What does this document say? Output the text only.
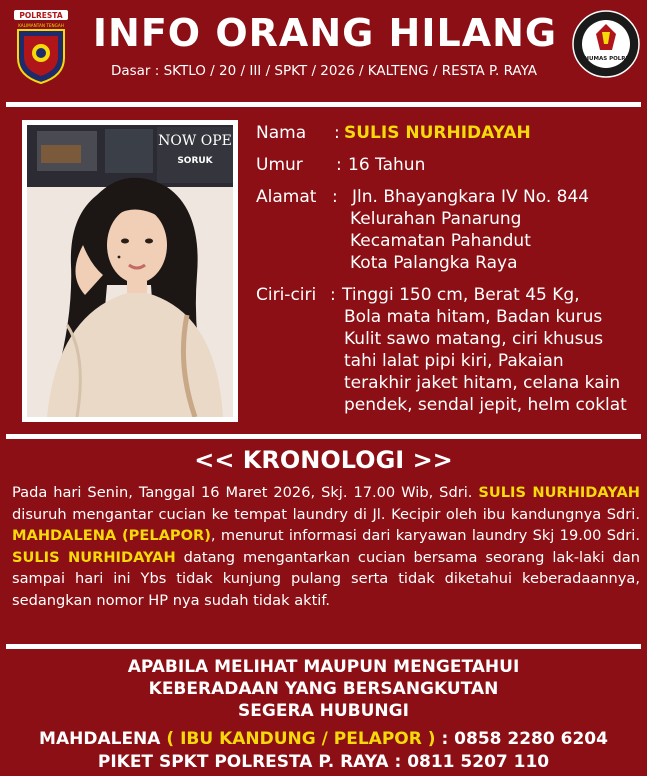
POLRESTA
KALIMANTAN TENGAH
HUMAS POLRI
INFO ORANG HILANG
Dasar : SKTLO / 20 / III / SPKT / 2026 / KALTENG / RESTA P. RAYA
NOW OPE
SORUK
Nama : SULIS NURHIDAYAH
Umur : 16 Tahun
Alamat : Jln. Bhayangkara IV No. 844
Kelurahan Panarung
Kecamatan Pahandut
Kota Palangka Raya
Ciri-ciri : Tinggi 150 cm, Berat 45 Kg,
Bola mata hitam, Badan kurus
Kulit sawo matang, ciri khusus
tahi lalat pipi kiri, Pakaian
terakhir jaket hitam, celana kain
pendek, sendal jepit, helm coklat
<< KRONOLOGI >>
Pada hari Senin, Tanggal 16 Maret 2026, Skj. 17.00 Wib, Sdri. SULIS NURHIDAYAH disuruh mengantar cucian ke tempat laundry di Jl. Kecipir oleh ibu kandungnya Sdri. MAHDALENA (PELAPOR), menurut informasi dari karyawan laundry Skj 19.00 Sdri. SULIS NURHIDAYAH datang mengantarkan cucian bersama seorang lak-laki dan sampai hari ini Ybs tidak kunjung pulang serta tidak diketahui keberadaannya, sedangkan nomor HP nya sudah tidak aktif.
APABILA MELIHAT MAUPUN MENGETAHUI
KEBERADAAN YANG BERSANGKUTAN
SEGERA HUBUNGI
MAHDALENA ( IBU KANDUNG / PELAPOR ) : 0858 2280 6204
PIKET SPKT POLRESTA P. RAYA : 0811 5207 110
